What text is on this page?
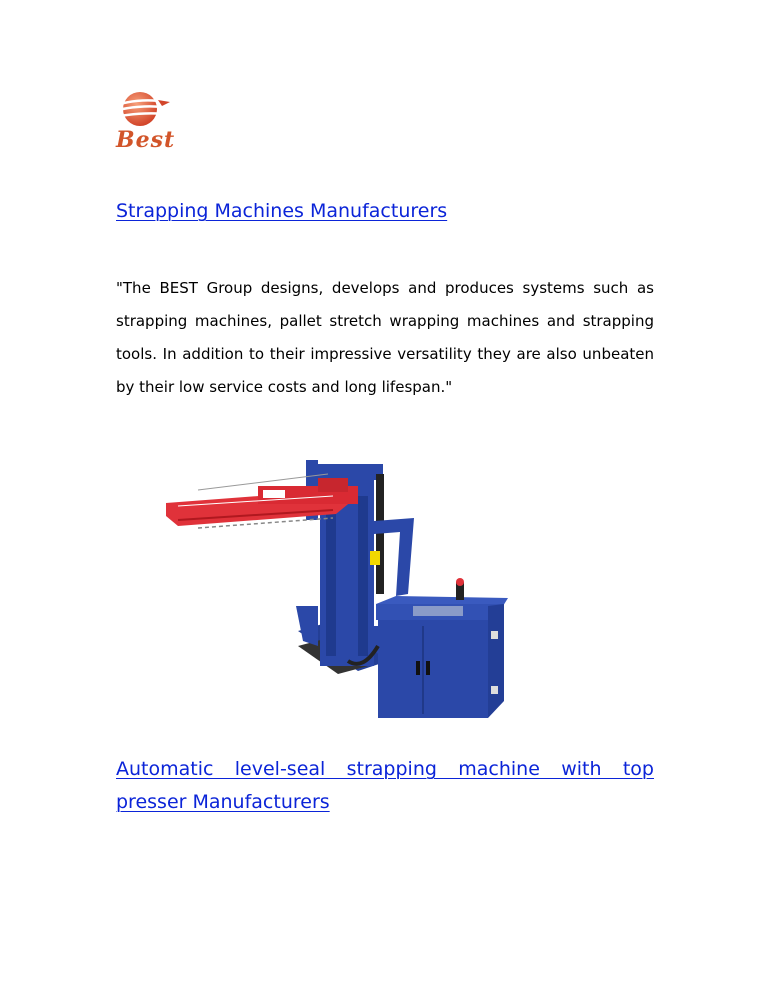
Best
Strapping Machines Manufacturers

"The BEST Group designs, develops and produces systems such as strapping machines, pallet stretch wrapping machines and strapping tools. In addition to their impressive versatility they are also unbeaten by their low service costs and long lifespan."

Automatic level-seal strapping machine with top presser Manufacturers
